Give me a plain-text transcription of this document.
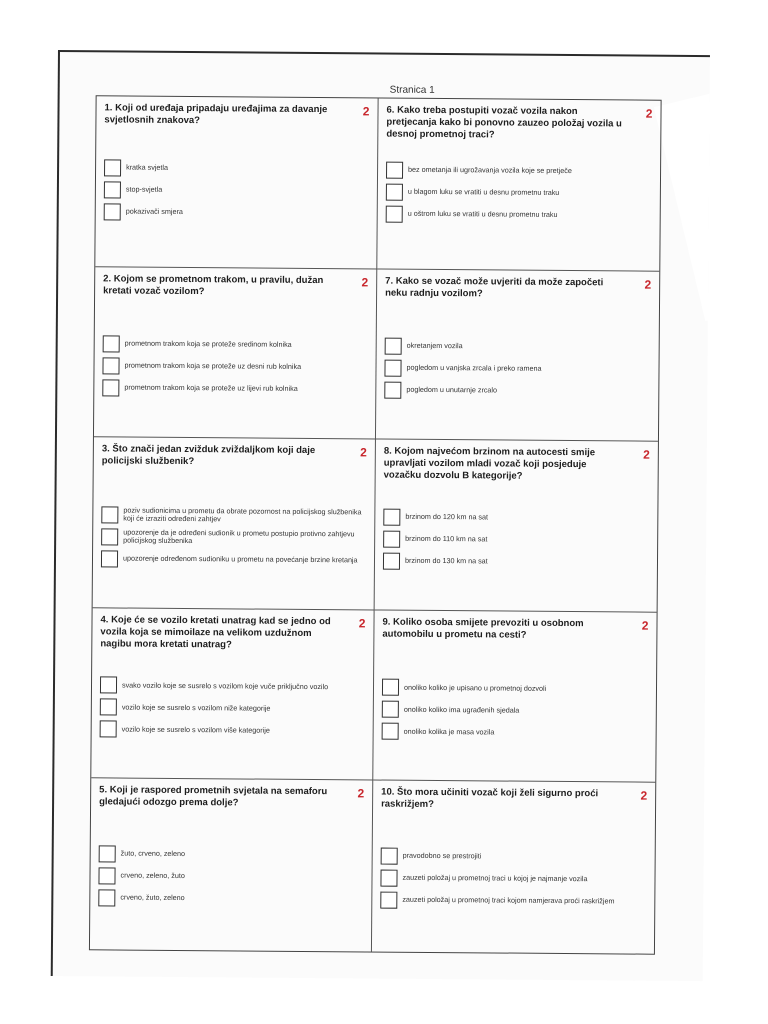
Stranica 1
1. Koji od uređaja pripadaju uređajima za davanje svjetlosnih znakova?
2
kratka svjetla
stop-svjetla
pokazivači smjera
6. Kako treba postupiti vozač vozila nakon pretjecanja kako bi ponovno zauzeo položaj vozila u desnoj prometnoj traci?
2
bez ometanja ili ugrožavanja vozila koje se pretječe
u blagom luku se vratiti u desnu prometnu traku
u oštrom luku se vratiti u desnu prometnu traku
2. Kojom se prometnom trakom, u pravilu, dužan kretati vozač vozilom?
2
prometnom trakom koja se proteže sredinom kolnika
prometnom trakom koja se proteže uz desni rub kolnika
prometnom trakom koja se proteže uz lijevi rub kolnika
7. Kako se vozač može uvjeriti da može započeti neku radnju vozilom?
2
okretanjem vozila
pogledom u vanjska zrcala i preko ramena
pogledom u unutarnje zrcalo
3. Što znači jedan zvižduk zviždaljkom koji daje policijski službenik?
2
poziv sudionicima u prometu da obrate pozornost na policijskog službenika koji će izraziti određeni zahtjev
upozorenje da je određeni sudionik u prometu postupio protivno zahtjevu policijskog službenika
upozorenje određenom sudioniku u prometu na povećanje brzine kretanja
8. Kojom najvećom brzinom na autocesti smije upravljati vozilom mladi vozač koji posjeduje vozačku dozvolu B kategorije?
2
brzinom do 120 km na sat
brzinom do 110 km na sat
brzinom do 130 km na sat
4. Koje će se vozilo kretati unatrag kad se jedno od vozila koja se mimoilaze na velikom uzdužnom nagibu mora kretati unatrag?
2
svako vozilo koje se susrelo s vozilom koje vuče priključno vozilo
vozilo koje se susrelo s vozilom niže kategorije
vozilo koje se susrelo s vozilom više kategorije
9. Koliko osoba smijete prevoziti u osobnom automobilu u prometu na cesti?
2
onoliko koliko je upisano u prometnoj dozvoli
onoliko koliko ima ugrađenih sjedala
onoliko kolika je masa vozila
5. Koji je raspored prometnih svjetala na semaforu gledajući odozgo prema dolje?
2
žuto, crveno, zeleno
crveno, zeleno, žuto
crveno, žuto, zeleno
10. Što mora učiniti vozač koji želi sigurno proći raskrižjem?
2
pravodobno se prestrojiti
zauzeti položaj u prometnoj traci u kojoj je najmanje vozila
zauzeti položaj u prometnoj traci kojom namjerava proći raskrižjem
